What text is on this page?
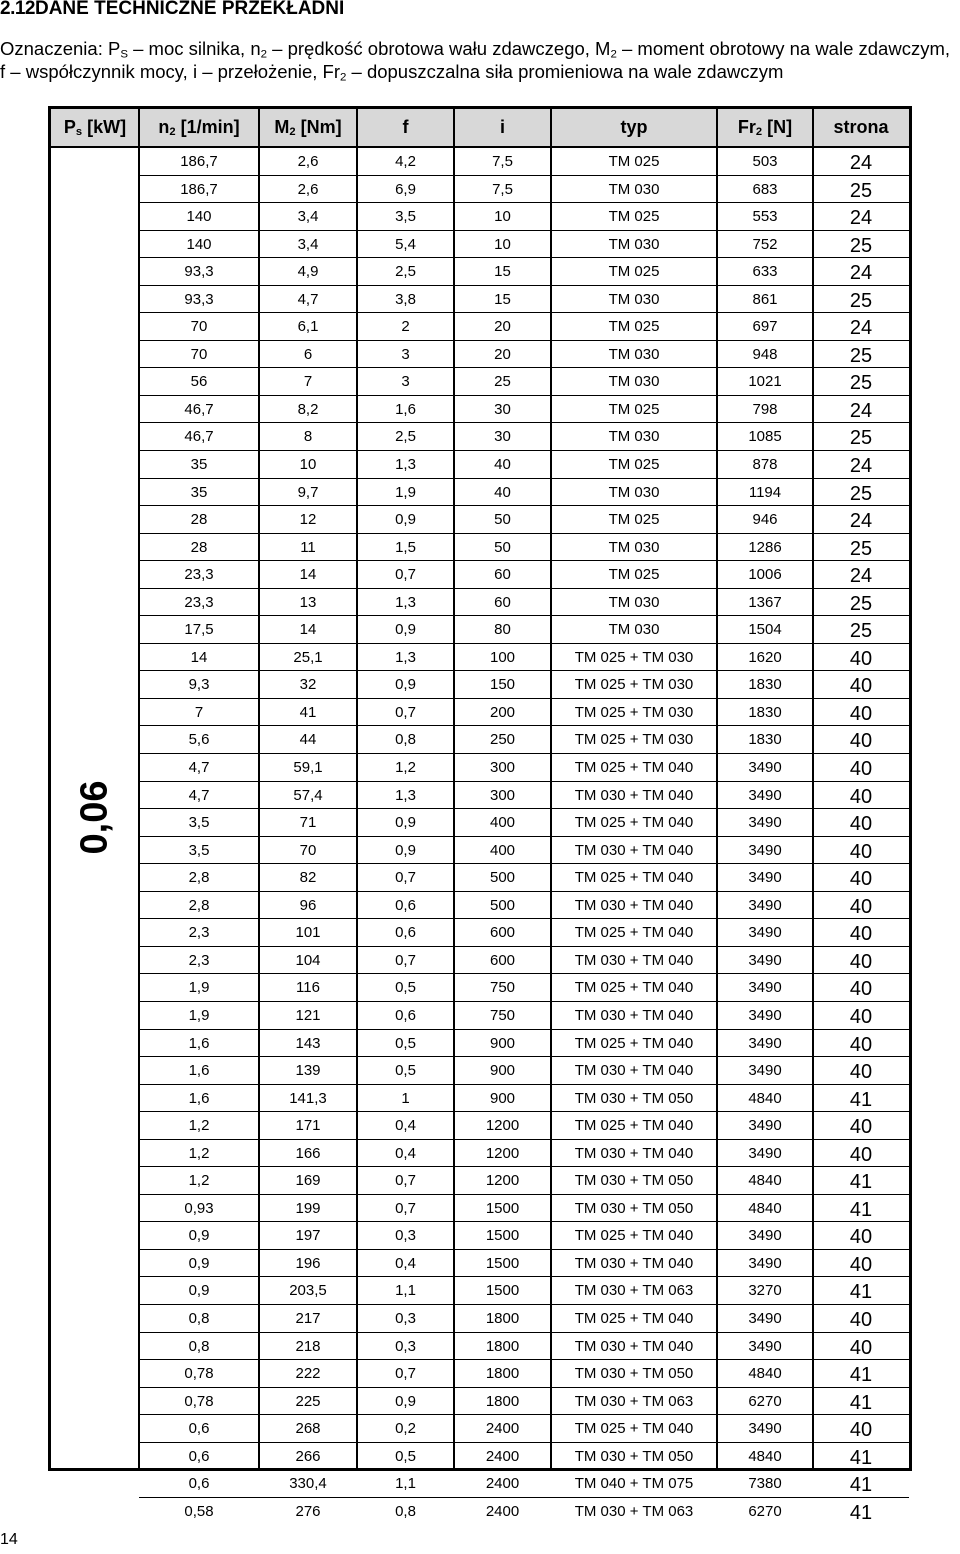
2.12DANE TECHNICZNE PRZEKŁADNI
Oznaczenia: $P_S$ – moc silnika, $n_2$ – prędkość obrotowa wału zdawczego, $M_2$ – moment obrotowy na wale zdawczym, f – współczynnik mocy, i – przełożenie, $Fr_2$ – dopuszczalna siła promieniowa na wale zdawczym
$P_s$ [kW]	$n_2$ [1/min]	$M_2$ [Nm]	f	i	typ	$Fr_2$ [N]	strona
0,06
186,7	2,6	4,2	7,5	TM 025	503	24
186,7	2,6	6,9	7,5	TM 030	683	25
140	3,4	3,5	10	TM 025	553	24
140	3,4	5,4	10	TM 030	752	25
93,3	4,9	2,5	15	TM 025	633	24
93,3	4,7	3,8	15	TM 030	861	25
70	6,1	2	20	TM 025	697	24
70	6	3	20	TM 030	948	25
56	7	3	25	TM 030	1021	25
46,7	8,2	1,6	30	TM 025	798	24
46,7	8	2,5	30	TM 030	1085	25
35	10	1,3	40	TM 025	878	24
35	9,7	1,9	40	TM 030	1194	25
28	12	0,9	50	TM 025	946	24
28	11	1,5	50	TM 030	1286	25
23,3	14	0,7	60	TM 025	1006	24
23,3	13	1,3	60	TM 030	1367	25
17,5	14	0,9	80	TM 030	1504	25
14	25,1	1,3	100	TM 025 + TM 030	1620	40
9,3	32	0,9	150	TM 025 + TM 030	1830	40
7	41	0,7	200	TM 025 + TM 030	1830	40
5,6	44	0,8	250	TM 025 + TM 030	1830	40
4,7	59,1	1,2	300	TM 025 + TM 040	3490	40
4,7	57,4	1,3	300	TM 030 + TM 040	3490	40
3,5	71	0,9	400	TM 025 + TM 040	3490	40
3,5	70	0,9	400	TM 030 + TM 040	3490	40
2,8	82	0,7	500	TM 025 + TM 040	3490	40
2,8	96	0,6	500	TM 030 + TM 040	3490	40
2,3	101	0,6	600	TM 025 + TM 040	3490	40
2,3	104	0,7	600	TM 030 + TM 040	3490	40
1,9	116	0,5	750	TM 025 + TM 040	3490	40
1,9	121	0,6	750	TM 030 + TM 040	3490	40
1,6	143	0,5	900	TM 025 + TM 040	3490	40
1,6	139	0,5	900	TM 030 + TM 040	3490	40
1,6	141,3	1	900	TM 030 + TM 050	4840	41
1,2	171	0,4	1200	TM 025 + TM 040	3490	40
1,2	166	0,4	1200	TM 030 + TM 040	3490	40
1,2	169	0,7	1200	TM 030 + TM 050	4840	41
0,93	199	0,7	1500	TM 030 + TM 050	4840	41
0,9	197	0,3	1500	TM 025 + TM 040	3490	40
0,9	196	0,4	1500	TM 030 + TM 040	3490	40
0,9	203,5	1,1	1500	TM 030 + TM 063	3270	41
0,8	217	0,3	1800	TM 025 + TM 040	3490	40
0,8	218	0,3	1800	TM 030 + TM 040	3490	40
0,78	222	0,7	1800	TM 030 + TM 050	4840	41
0,78	225	0,9	1800	TM 030 + TM 063	6270	41
0,6	268	0,2	2400	TM 025 + TM 040	3490	40
0,6	266	0,5	2400	TM 030 + TM 050	4840	41
0,6	330,4	1,1	2400	TM 040 + TM 075	7380	41
0,58	276	0,8	2400	TM 030 + TM 063	6270	41
14
